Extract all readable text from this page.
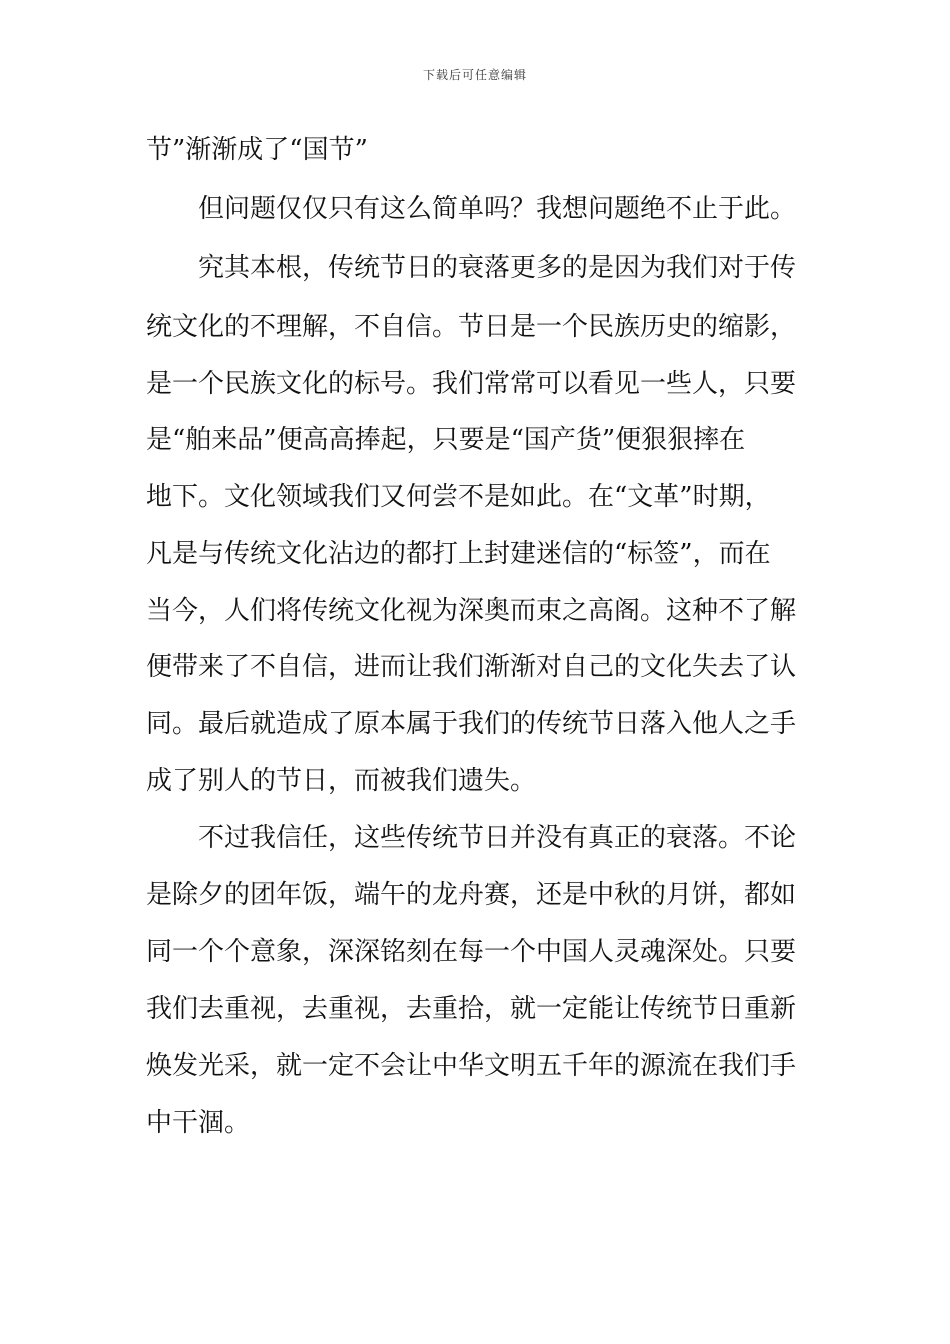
下载后可任意编辑
节”渐渐成了“国节”
但问题仅仅只有这么简单吗？我想问题绝不止于此。
究其本根，传统节日的衰落更多的是因为我们对于传
统文化的不理解，不自信。节日是一个民族历史的缩影，
是一个民族文化的标号。我们常常可以看见一些人，只要
是“舶来品”便高高捧起，只要是“国产货”便狠狠摔在
地下。文化领域我们又何尝不是如此。在“文革”时期，
凡是与传统文化沾边的都打上封建迷信的“标签”，而在
当今，人们将传统文化视为深奥而束之高阁。这种不了解
便带来了不自信，进而让我们渐渐对自己的文化失去了认
同。最后就造成了原本属于我们的传统节日落入他人之手
成了别人的节日，而被我们遗失。
不过我信任，这些传统节日并没有真正的衰落。不论
是除夕的团年饭，端午的龙舟赛，还是中秋的月饼，都如
同一个个意象，深深铭刻在每一个中国人灵魂深处。只要
我们去重视，去重视，去重拾，就一定能让传统节日重新
焕发光采，就一定不会让中华文明五千年的源流在我们手
中干涸。
